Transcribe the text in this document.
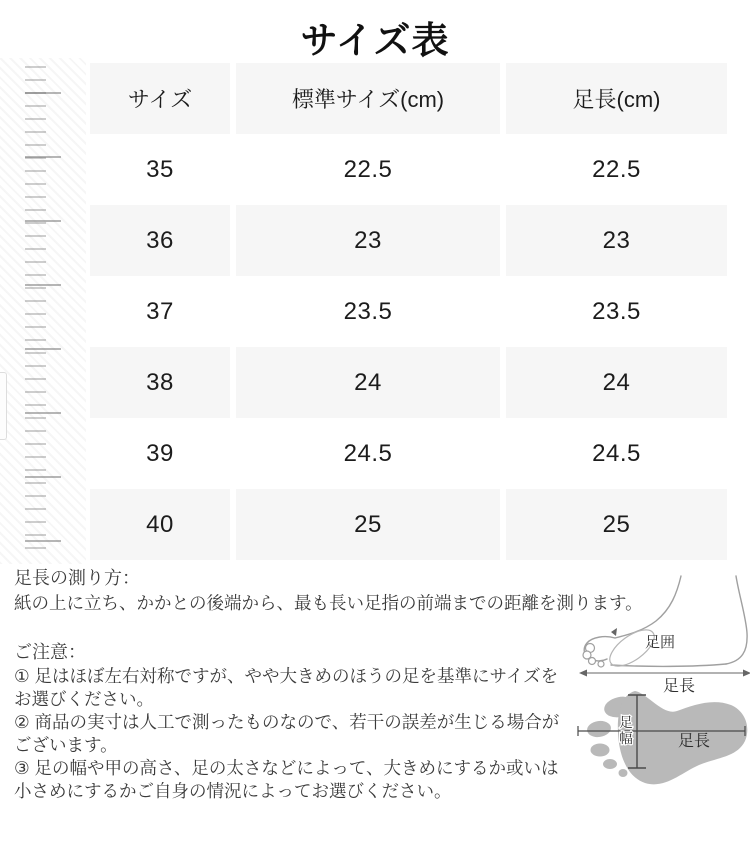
サイズ表
サイズ	標準サイズ(cm)	足長(cm)
35	22.5	22.5
36	23	23
37	23.5	23.5
38	24	24
39	24.5	24.5
40	25	25
足長の測り方：
紙の上に立ち、かかとの後端から、最も長い足指の前端までの距離を測ります。
ご注意：
① 足はほぼ左右対称ですが、やや大きめのほうの足を基準にサイズを
お選びください。
② 商品の実寸は人工で測ったものなので、若干の誤差が生じる場合が
ございます。
③ 足の幅や甲の高さ、足の太さなどによって、大きめにするか或いは
小さめにするかご自身の情況によってお選びください。
足囲
足長
足
幅	足長
